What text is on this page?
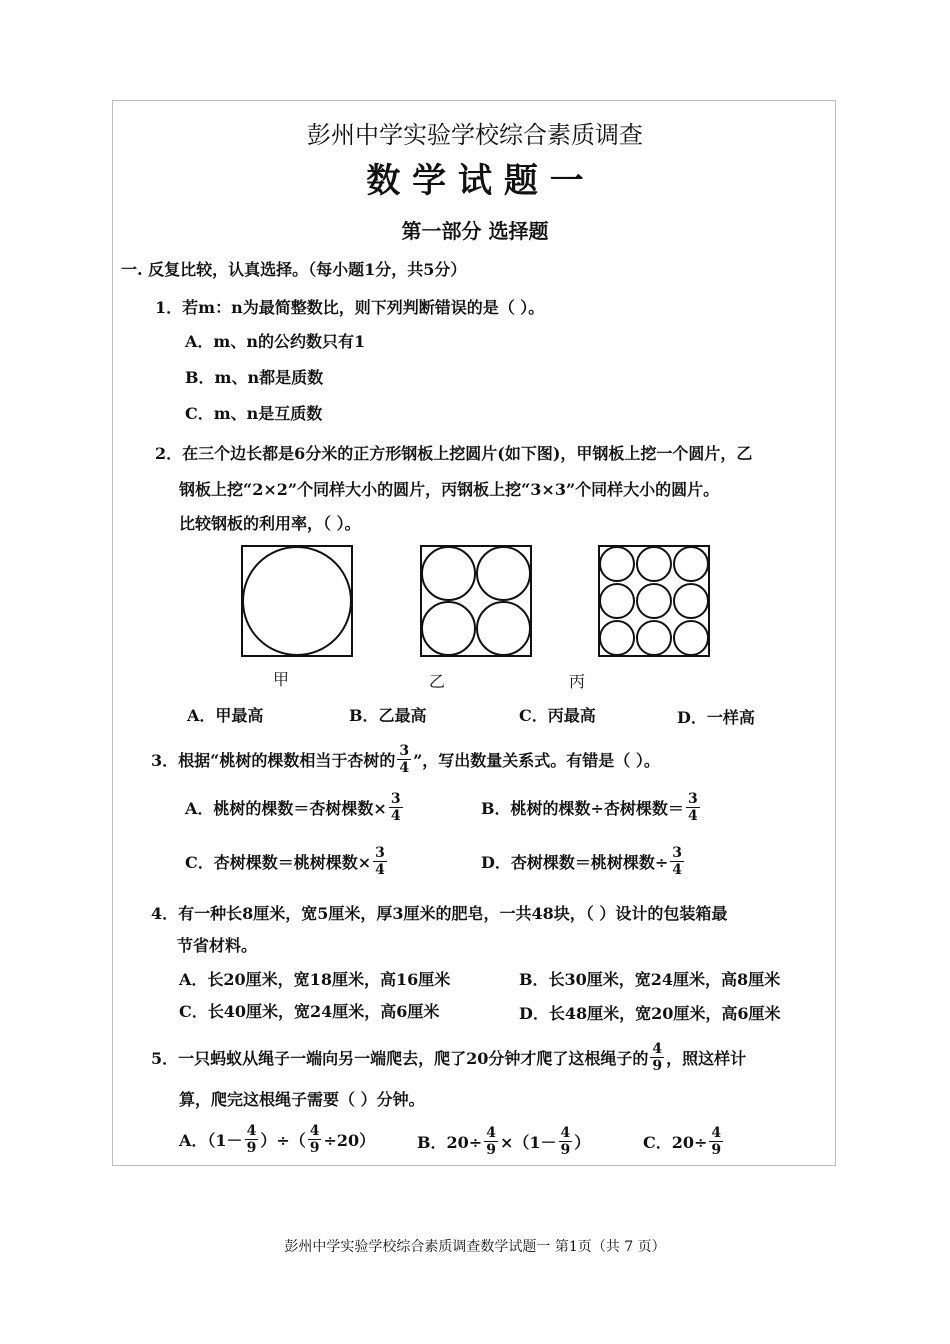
彭州中学实验学校综合素质调查
数 学 试 题 一
第一部分 选择题
一. 反复比较，认真选择。（每小题1分，共5分）
1．若m：n为最简整数比，则下列判断错误的是（ ）。
A．m、n的公约数只有1
B．m、n都是质数
C．m、n是互质数
2．在三个边长都是6分米的正方形钢板上挖圆片(如下图)，甲钢板上挖一个圆片，乙
钢板上挖“2×2”个同样大小的圆片，丙钢板上挖“3×3”个同样大小的圆片。
比较钢板的利用率，（ ）。
甲	乙	丙
A．甲最高	B．乙最高	C．丙最高	D．一样高
3．根据“桃树的棵数相当于杏树的 $\frac{3}{4}$ ”，写出数量关系式。有错是（ ）。
A．桃树的棵数＝杏树棵数× $\frac{3}{4}$	B．桃树的棵数÷杏树棵数＝ $\frac{3}{4}$
C．杏树棵数＝桃树棵数× $\frac{3}{4}$	D．杏树棵数＝桃树棵数÷ $\frac{3}{4}$
4．有一种长8厘米，宽5厘米，厚3厘米的肥皂，一共48块，（ ）设计的包装箱最
节省材料。
A．长20厘米，宽18厘米，高16厘米	B．长30厘米，宽24厘米，高8厘米
C．长40厘米，宽24厘米，高6厘米	D．长48厘米，宽20厘米，高6厘米
5．一只蚂蚁从绳子一端向另一端爬去，爬了20分钟才爬了这根绳子的 $\frac{4}{9}$ ，照这样计
算，爬完这根绳子需要（ ）分钟。
A．（$1- \frac{4}{9}$ ）÷（ $\frac{4}{9} \div 20$）	B．$20\div \frac{4}{9} \times(1- \frac{4}{9}$ ）	C．$20\div \frac{4}{9}$
彭州中学实验学校综合素质调查数学试题一 第1页（共 7 页）
